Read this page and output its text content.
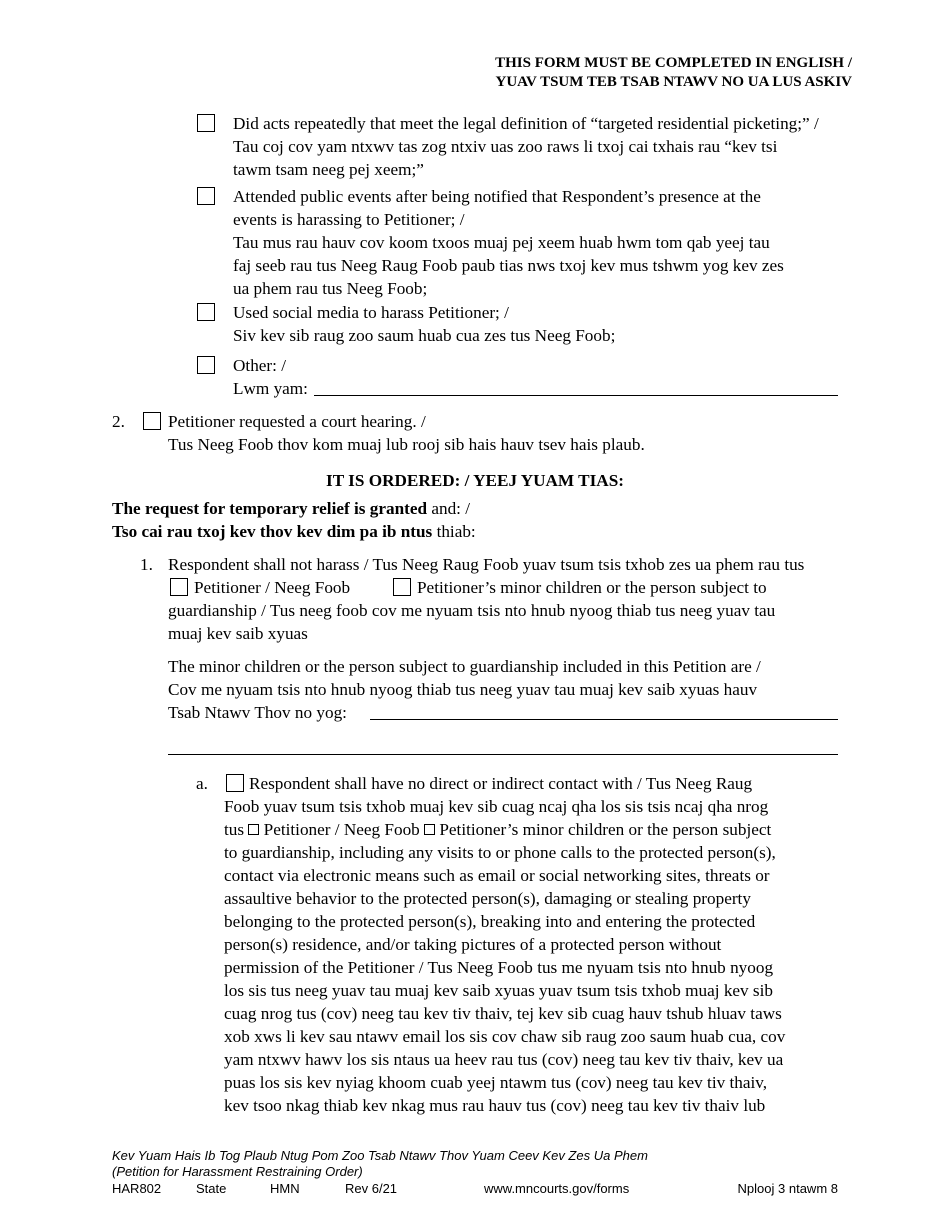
THIS FORM MUST BE COMPLETED IN ENGLISH /
YUAV TSUM TEB TSAB NTAWV NO UA LUS ASKIV
Did acts repeatedly that meet the legal definition of “targeted residential picketing;” /
Tau coj cov yam ntxwv tas zog ntxiv uas zoo raws li txoj cai txhais rau “kev tsi
tawm tsam neeg pej xeem;”
Attended public events after being notified that Respondent’s presence at the
events is harassing to Petitioner; /
Tau mus rau hauv cov koom txoos muaj pej xeem huab hwm tom qab yeej tau
faj seeb rau tus Neeg Raug Foob paub tias nws txoj kev mus tshwm yog kev zes
ua phem rau tus Neeg Foob;
Used social media to harass Petitioner; /
Siv kev sib raug zoo saum huab cua zes tus Neeg Foob;
Other: /
Lwm yam:
2.	Petitioner requested a court hearing. /
Tus Neeg Foob thov kom muaj lub rooj sib hais hauv tsev hais plaub.
IT IS ORDERED: / YEEJ YUAM TIAS:
The request for temporary relief is granted and: /
Tso cai rau txoj kev thov kev dim pa ib ntus thiab:
1. Respondent shall not harass / Tus Neeg Raug Foob yuav tsum tsis txhob zes ua phem rau tus
Petitioner / Neeg Foob	Petitioner’s minor children or the person subject to
guardianship / Tus neeg foob cov me nyuam tsis nto hnub nyoog thiab tus neeg yuav tau
muaj kev saib xyuas
The minor children or the person subject to guardianship included in this Petition are /
Cov me nyuam tsis nto hnub nyoog thiab tus neeg yuav tau muaj kev saib xyuas hauv
Tsab Ntawv Thov no yog:
a.	Respondent shall have no direct or indirect contact with / Tus Neeg Raug
Foob yuav tsum tsis txhob muaj kev sib cuag ncaj qha los sis tsis ncaj qha nrog
tus  Petitioner / Neeg Foob  Petitioner’s minor children or the person subject
to guardianship, including any visits to or phone calls to the protected person(s),
contact via electronic means such as email or social networking sites, threats or
assaultive behavior to the protected person(s), damaging or stealing property
belonging to the protected person(s), breaking into and entering the protected
person(s) residence, and/or taking pictures of a protected person without
permission of the Petitioner / Tus Neeg Foob tus me nyuam tsis nto hnub nyoog
los sis tus neeg yuav tau muaj kev saib xyuas yuav tsum tsis txhob muaj kev sib
cuag nrog tus (cov) neeg tau kev tiv thaiv, tej kev sib cuag hauv tshub hluav taws
xob xws li kev sau ntawv email los sis cov chaw sib raug zoo saum huab cua, cov
yam ntxwv hawv los sis ntaus ua heev rau tus (cov) neeg tau kev tiv thaiv, kev ua
puas los sis kev nyiag khoom cuab yeej ntawm tus (cov) neeg tau kev tiv thaiv,
kev tsoo nkag thiab kev nkag mus rau hauv tus (cov) neeg tau kev tiv thaiv lub
Kev Yuam Hais Ib Tog Plaub Ntug Pom Zoo Tsab Ntawv Thov Yuam Ceev Kev Zes Ua Phem
(Petition for Harassment Restraining Order)
HAR802	State	HMN	Rev 6/21	www.mncourts.gov/forms	Nplooj 3 ntawm 8
